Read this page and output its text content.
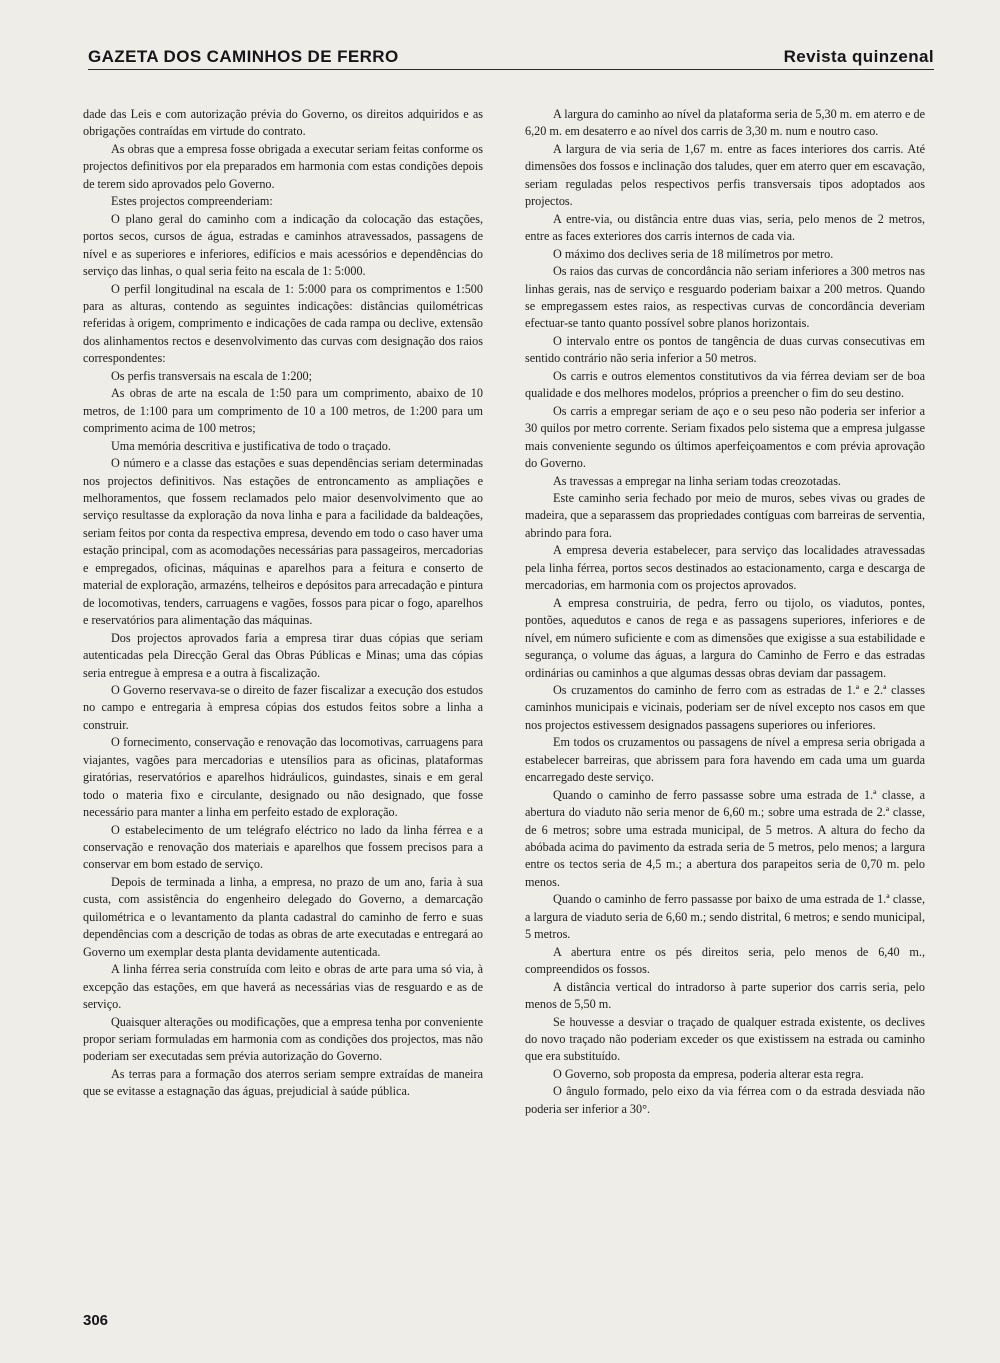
GAZETA DOS CAMINHOS DE FERRO	Revista quinzenal

dade das Leis e com autorização prévia do Governo, os direitos adquiridos e as obrigações contraídas em virtude do contrato.

As obras que a empresa fosse obrigada a executar seriam feitas conforme os projectos definitivos por ela preparados em harmonia com estas condições depois de terem sido aprovados pelo Governo.

Estes projectos compreenderiam:

O plano geral do caminho com a indicação da colocação das estações, portos secos, cursos de água, estradas e caminhos atravessados, passagens de nível e as superiores e inferiores, edifícios e mais acessórios e dependências do serviço das linhas, o qual seria feito na escala de 1: 5:000.

O perfil longitudinal na escala de 1: 5:000 para os comprimentos e 1:500 para as alturas, contendo as seguintes indicações: distâncias quilométricas referidas à origem, comprimento e indicações de cada rampa ou declive, extensão dos alinhamentos rectos e desenvolvimento das curvas com designação dos raios correspondentes:

Os perfis transversais na escala de 1:200;

As obras de arte na escala de 1:50 para um comprimento, abaixo de 10 metros, de 1:100 para um comprimento de 10 a 100 metros, de 1:200 para um comprimento acima de 100 metros;

Uma memória descritiva e justificativa de todo o traçado.

O número e a classe das estações e suas dependências seriam determinadas nos projectos definitivos. Nas estações de entroncamento as ampliações e melhoramentos, que fossem reclamados pelo maior desenvolvimento que ao serviço resultasse da exploração da nova linha e para a facilidade da baldeações, seriam feitos por conta da respectiva empresa, devendo em todo o caso haver uma estação principal, com as acomodações necessárias para passageiros, mercadorias e empregados, oficinas, máquinas e aparelhos para a feitura e conserto de material de exploração, armazéns, telheiros e depósitos para arrecadação e pintura de locomotivas, tenders, carruagens e vagões, fossos para picar o fogo, aparelhos e reservatórios para alimentação das máquinas.

Dos projectos aprovados faria a empresa tirar duas cópias que seriam autenticadas pela Direcção Geral das Obras Públicas e Minas; uma das cópias seria entregue à empresa e a outra à fiscalização.

O Governo reservava-se o direito de fazer fiscalizar a execução dos estudos no campo e entregaria à empresa cópias dos estudos feitos sobre a linha a construir.

O fornecimento, conservação e renovação das locomotivas, carruagens para viajantes, vagões para mercadorias e utensílios para as oficinas, plataformas giratórias, reservatórios e aparelhos hidráulicos, guindastes, sinais e em geral todo o materia fixo e circulante, designado ou não designado, que fosse necessário para manter a linha em perfeito estado de exploração.

O estabelecimento de um telégrafo eléctrico no lado da linha férrea e a conservação e renovação dos materiais e aparelhos que fossem precisos para a conservar em bom estado de serviço.

Depois de terminada a linha, a empresa, no prazo de um ano, faria à sua custa, com assistência do engenheiro delegado do Governo, a demarcação quilométrica e o levantamento da planta cadastral do caminho de ferro e suas dependências com a descrição de todas as obras de arte executadas e entregará ao Governo um exemplar desta planta devidamente autenticada.

A linha férrea seria construída com leito e obras de arte para uma só via, à excepção das estações, em que haverá as necessárias vias de resguardo e as de serviço.

Quaisquer alterações ou modificações, que a empresa tenha por conveniente propor seriam formuladas em harmonia com as condições dos projectos, mas não poderiam ser executadas sem prévia autorização do Governo.

As terras para a formação dos aterros seriam sempre extraídas de maneira que se evitasse a estagnação das águas, prejudicial à saúde pública.

A largura do caminho ao nível da plataforma seria de 5,30 m. em aterro e de 6,20 m. em desaterro e ao nível dos carris de 3,30 m. num e noutro caso.

A largura de via seria de 1,67 m. entre as faces interiores dos carris. Até dimensões dos fossos e inclinação dos taludes, quer em aterro quer em escavação, seriam reguladas pelos respectivos perfis transversais tipos adoptados aos projectos.

A entre-via, ou distância entre duas vias, seria, pelo menos de 2 metros, entre as faces exteriores dos carris internos de cada via.

O máximo dos declives seria de 18 milímetros por metro.

Os raios das curvas de concordância não seriam inferiores a 300 metros nas linhas gerais, nas de serviço e resguardo poderiam baixar a 200 metros. Quando se empregassem estes raios, as respectivas curvas de concordância deveriam efectuar-se tanto quanto possível sobre planos horizontais.

O intervalo entre os pontos de tangência de duas curvas consecutivas em sentido contrário não seria inferior a 50 metros.

Os carris e outros elementos constitutivos da via férrea deviam ser de boa qualidade e dos melhores modelos, próprios a preencher o fim do seu destino.

Os carris a empregar seriam de aço e o seu peso não poderia ser inferior a 30 quilos por metro corrente. Seriam fixados pelo sistema que a empresa julgasse mais conveniente segundo os últimos aperfeiçoamentos e com prévia aprovação do Governo.

As travessas a empregar na linha seriam todas creozotadas.

Este caminho seria fechado por meio de muros, sebes vivas ou grades de madeira, que a separassem das propriedades contíguas com barreiras de serventia, abrindo para fora.

A empresa deveria estabelecer, para serviço das localidades atravessadas pela linha férrea, portos secos destinados ao estacionamento, carga e descarga de mercadorias, em harmonia com os projectos aprovados.

A empresa construiria, de pedra, ferro ou tijolo, os viadutos, pontes, pontões, aquedutos e canos de rega e as passagens superiores, inferiores e de nível, em número suficiente e com as dimensões que exigisse a sua estabilidade e segurança, o volume das águas, a largura do Caminho de Ferro e das estradas ordinárias ou caminhos a que algumas dessas obras deviam dar passagem.

Os cruzamentos do caminho de ferro com as estradas de 1.ª e 2.ª classes caminhos municipais e vicinais, poderiam ser de nível excepto nos casos em que nos projectos estivessem designados passagens superiores ou inferiores.

Em todos os cruzamentos ou passagens de nível a empresa seria obrigada a estabelecer barreiras, que abrissem para fora havendo em cada uma um guarda encarregado deste serviço.

Quando o caminho de ferro passasse sobre uma estrada de 1.ª classe, a abertura do viaduto não seria menor de 6,60 m.; sobre uma estrada de 2.ª classe, de 6 metros; sobre uma estrada municipal, de 5 metros. A altura do fecho da abóbada acima do pavimento da estrada seria de 5 metros, pelo menos; a largura entre os tectos seria de 4,5 m.; a abertura dos parapeitos seria de 0,70 m. pelo menos.

Quando o caminho de ferro passasse por baixo de uma estrada de 1.ª classe, a largura de viaduto seria de 6,60 m.; sendo distrital, 6 metros; e sendo municipal, 5 metros.

A abertura entre os pés direitos seria, pelo menos de 6,40 m., compreendidos os fossos.

A distância vertical do intradorso à parte superior dos carris seria, pelo menos de 5,50 m.

Se houvesse a desviar o traçado de qualquer estrada existente, os declives do novo traçado não poderiam exceder os que existissem na estrada ou caminho que era substituído.

O Governo, sob proposta da empresa, poderia alterar esta regra.

O ângulo formado, pelo eixo da via férrea com o da estrada desviada não poderia ser inferior a 30°.

306
